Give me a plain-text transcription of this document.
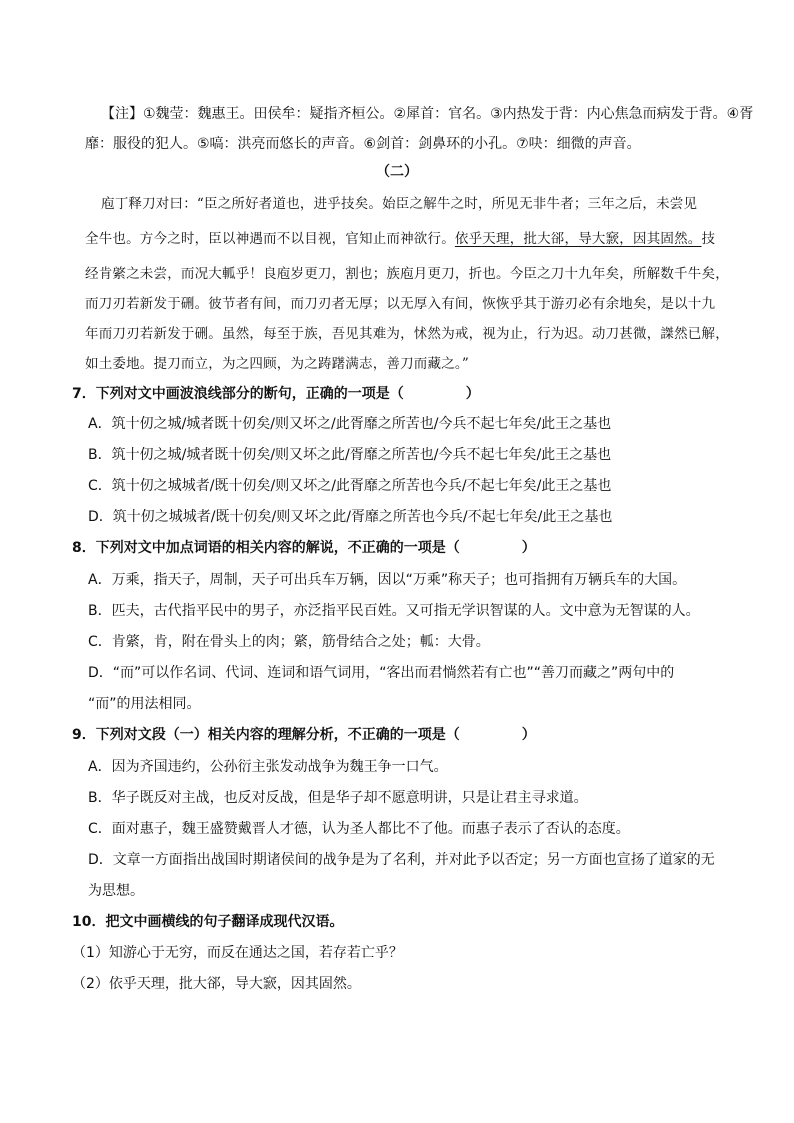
【注】①魏莹：魏惠王。田侯牟：疑指齐桓公。②犀首：官名。③内热发于背：内心焦急而病发于背。④胥
靡：服役的犯人。⑤嗃：洪亮而悠长的声音。⑥剑首：剑鼻环的小孔。⑦吷：细微的声音。
（二）
庖丁释刀对曰：“臣之所好者道也，进乎技矣。始臣之解牛之时，所见无非牛者；三年之后，未尝见
全牛也。方今之时，臣以神遇而不以目视，官知止而神欲行。依乎天理，批大郤，导大窾，因其固然。技
经肯綮之未尝，而况大軱乎！良庖岁更刀，割也；族庖月更刀，折也。今臣之刀十九年矣，所解数千牛矣，
而刀刃若新发于硎。彼节者有间，而刀刃者无厚；以无厚入有间，恢恢乎其于游刃必有余地矣，是以十九
年而刀刃若新发于硎。虽然，每至于族，吾见其难为，怵然为戒，视为止，行为迟。动刀甚微，謋然已解，
如土委地。提刀而立，为之四顾，为之踌躇满志，善刀而藏之。”
7．下列对文中画波浪线部分的断句，正确的一项是（	）
A．筑十仞之城/城者既十仞矣/则又坏之/此胥靡之所苦也/今兵不起七年矣/此王之基也
B．筑十仞之城/城者既十仞矣/则又坏之此/胥靡之所苦也/今兵不起七年矣/此王之基也
C．筑十仞之城城者/既十仞矣/则又坏之/此胥靡之所苦也今兵/不起七年矣/此王之基也
D．筑十仞之城城者/既十仞矣/则又坏之此/胥靡之所苦也今兵/不起七年矣/此王之基也
8．下列对文中加点词语的相关内容的解说，不正确的一项是（	）
A．万乘，指天子，周制，天子可出兵车万辆，因以“万乘”称天子；也可指拥有万辆兵车的大国。
B．匹夫，古代指平民中的男子，亦泛指平民百姓。又可指无学识智谋的人。文中意为无智谋的人。
C．肯綮，肯，附在骨头上的肉；綮，筋骨结合之处；軱：大骨。
D．“而”可以作名词、代词、连词和语气词用，“客出而君惝然若有亡也”“善刀而藏之”两句中的
“而”的用法相同。
9．下列对文段（一）相关内容的理解分析，不正确的一项是（	）
A．因为齐国违约，公孙衍主张发动战争为魏王争一口气。
B．华子既反对主战，也反对反战，但是华子却不愿意明讲，只是让君主寻求道。
C．面对惠子，魏王盛赞戴晋人才德，认为圣人都比不了他。而惠子表示了否认的态度。
D．文章一方面指出战国时期诸侯间的战争是为了名利，并对此予以否定；另一方面也宣扬了道家的无
为思想。
10．把文中画横线的句子翻译成现代汉语。
（1）知游心于无穷，而反在通达之国，若存若亡乎？
（2）依乎天理，批大郤，导大窾，因其固然。
